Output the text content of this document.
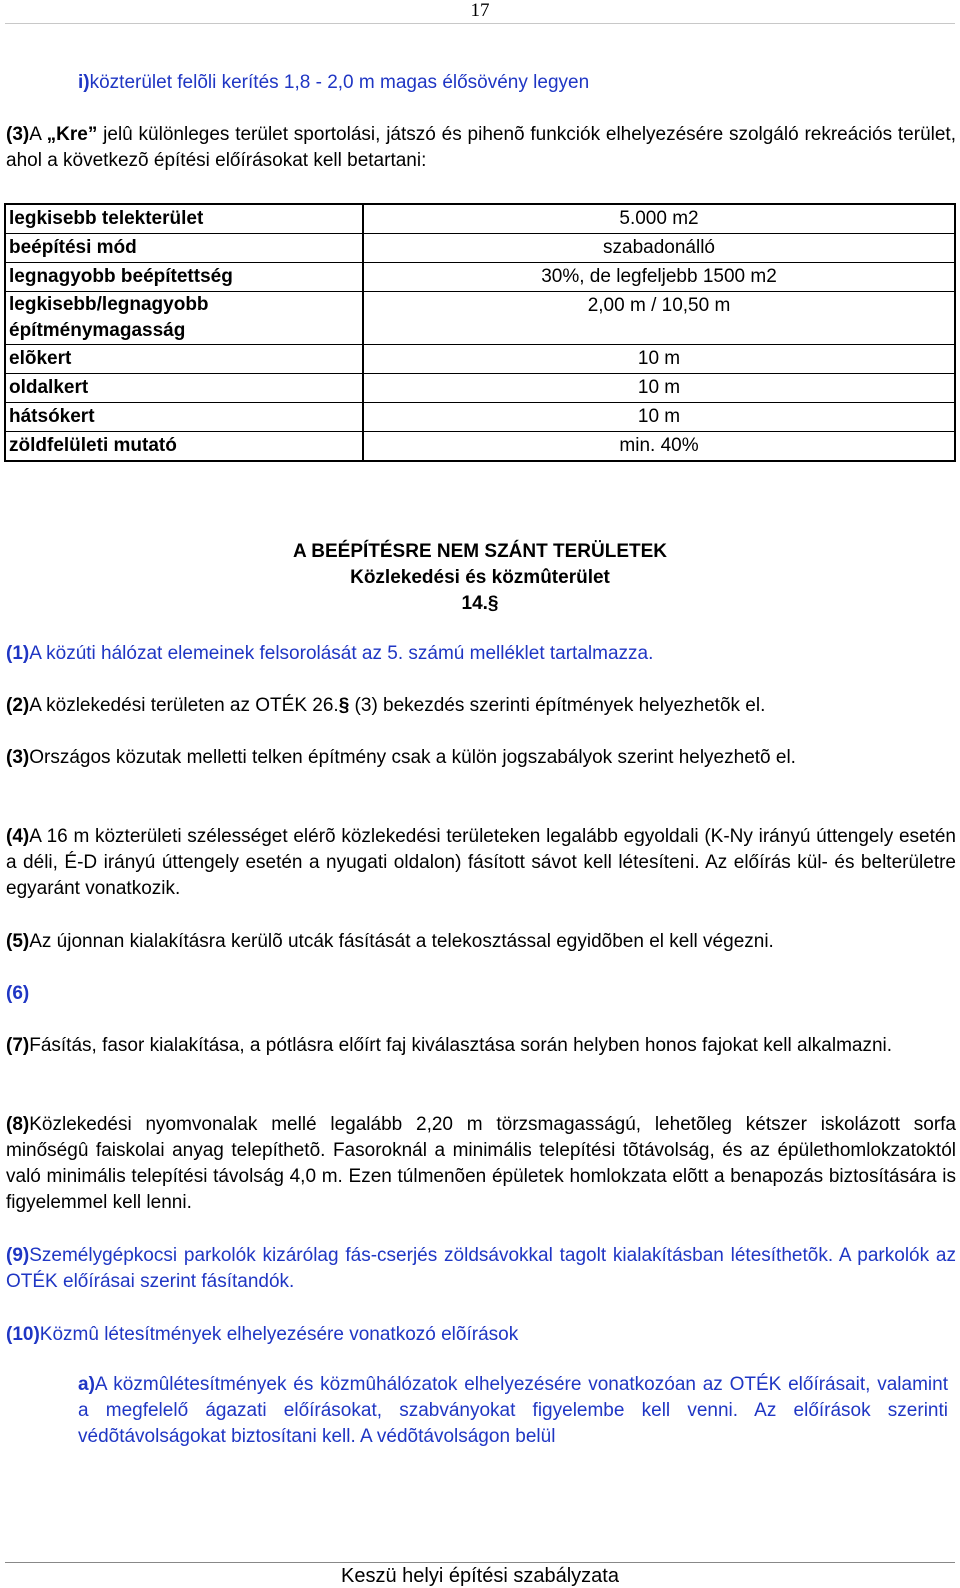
17
i)közterület felõli kerítés 1,8 - 2,0 m magas élősövény legyen
(3)A „Kre” jelû különleges terület sportolási, játszó és pihenõ funkciók elhelyezésére szolgáló rekreációs terület, ahol a következõ építési előírásokat kell betartani:
legkisebb telekterület	5.000 m2
beépítési mód	szabadonálló
legnagyobb beépítettség	30%, de legfeljebb 1500 m2
legkisebb/legnagyobb építménymagasság	2,00 m / 10,50 m
elõkert	10 m
oldalkert	10 m
hátsókert	10 m
zöldfelületi mutató	min. 40%
A BEÉPÍTÉSRE NEM SZÁNT TERÜLETEK
Közlekedési és közmûterület
14.§
(1)A közúti hálózat elemeinek felsorolását az 5. számú melléklet tartalmazza.
(2)A közlekedési területen az OTÉK 26.§ (3) bekezdés szerinti építmények helyezhetõk el.
(3)Országos közutak melletti telken építmény csak a külön jogszabályok szerint helyezhetõ el.
(4)A 16 m közterületi szélességet elérõ közlekedési területeken legalább egyoldali (K-Ny irányú úttengely esetén a déli, É-D irányú úttengely esetén a nyugati oldalon) fásított sávot kell létesíteni. Az előírás kül- és belterületre egyaránt vonatkozik.
(5)Az újonnan kialakításra kerülõ utcák fásítását a telekosztással egyidõben el kell végezni.
(6)
(7)Fásítás, fasor kialakítása, a pótlásra előírt faj kiválasztása során helyben honos fajokat kell alkalmazni.
(8)Közlekedési nyomvonalak mellé legalább 2,20 m törzsmagasságú, lehetõleg kétszer iskolázott sorfa minőségû faiskolai anyag telepíthetõ. Fasoroknál a minimális telepítési tõtávolság, és az épülethomlokzatoktól való minimális telepítési távolság 4,0 m. Ezen túlmenõen épületek homlokzata elõtt a benapozás biztosítására is figyelemmel kell lenni.
(9)Személygépkocsi parkolók kizárólag fás-cserjés zöldsávokkal tagolt kialakításban létesíthetõk. A parkolók az OTÉK előírásai szerint fásítandók.
(10)Közmû létesítmények elhelyezésére vonatkozó elõírások
a)A közmûlétesítmények és közmûhálózatok elhelyezésére vonatkozóan az OTÉK előírásait, valamint a megfelelő ágazati előírásokat, szabványokat figyelembe kell venni. Az előírások szerinti védõtávolságokat biztosítani kell. A védõtávolságon belül
Keszü helyi építési szabályzata
